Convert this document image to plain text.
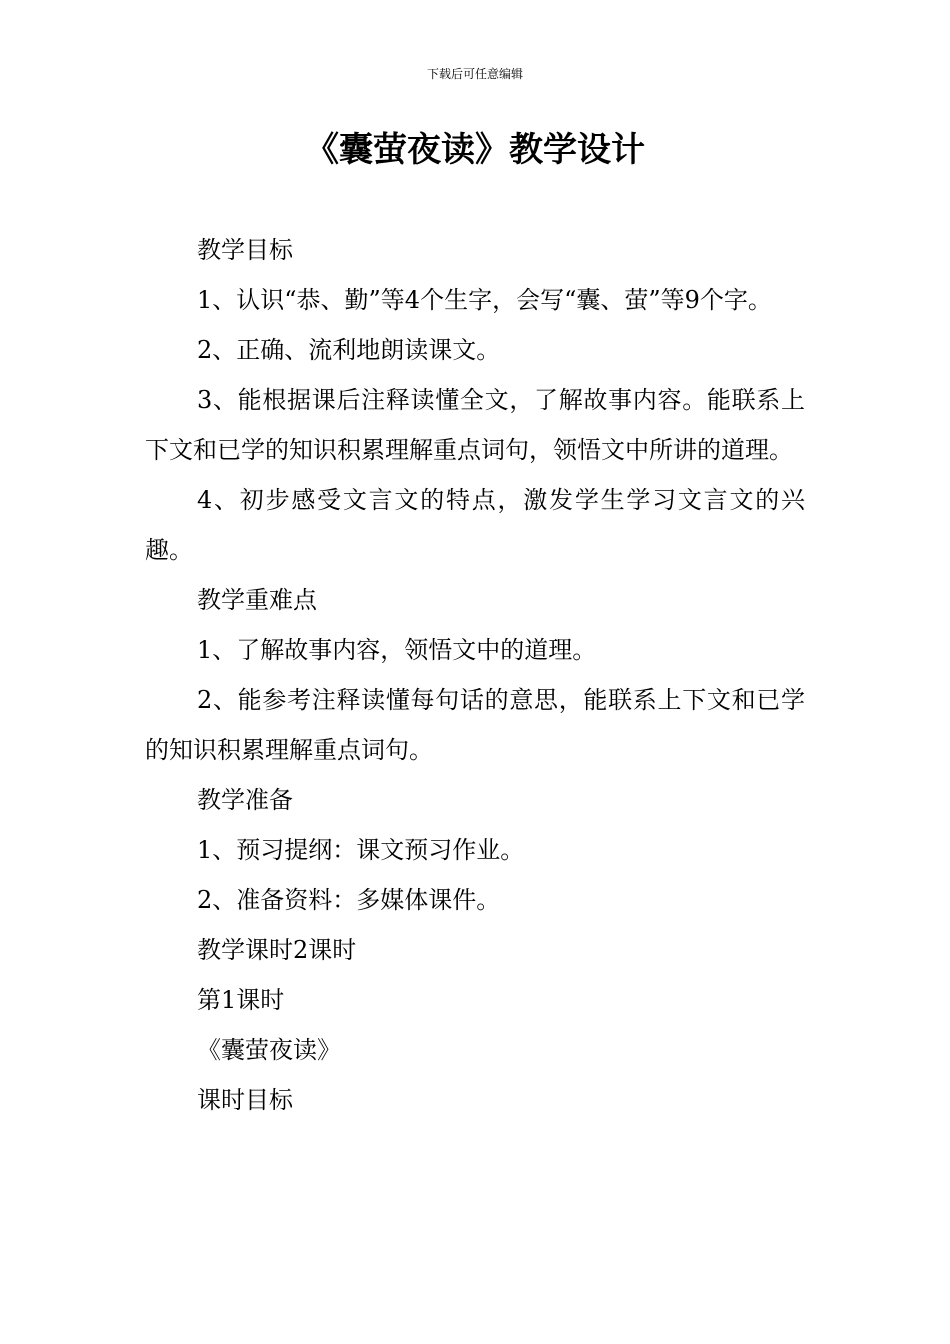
下载后可任意编辑
《囊萤夜读》教学设计

教学目标

1、认识“恭、勤”等4个生字，会写“囊、萤”等9个字。

2、正确、流利地朗读课文。

3、能根据课后注释读懂全文，了解故事内容。能联系上下文和已学的知识积累理解重点词句，领悟文中所讲的道理。

4、初步感受文言文的特点，激发学生学习文言文的兴趣。

教学重难点

1、了解故事内容，领悟文中的道理。

2、能参考注释读懂每句话的意思，能联系上下文和已学的知识积累理解重点词句。

教学准备

1、预习提纲：课文预习作业。

2、准备资料：多媒体课件。

教学课时2课时

第1课时

《囊萤夜读》

课时目标
